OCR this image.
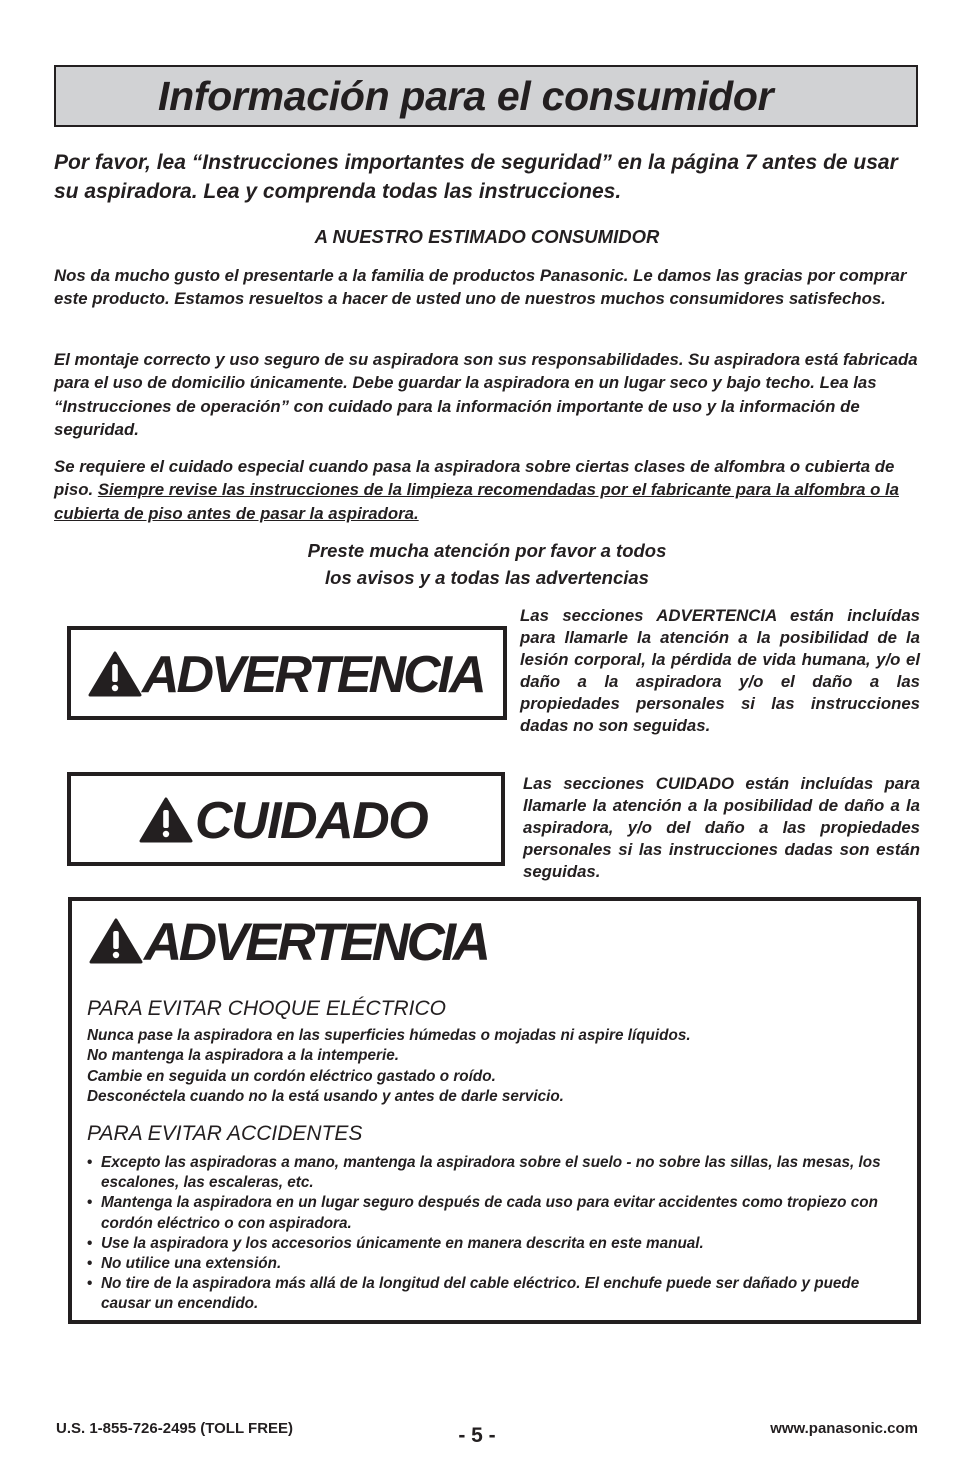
Información para el consumidor

Por favor, lea “Instrucciones importantes de seguridad” en la página 7 antes de usar su aspiradora. Lea y comprenda todas las instrucciones.

A NUESTRO ESTIMADO CONSUMIDOR

Nos da mucho gusto el presentarle a la familia de productos Panasonic. Le damos las gracias por comprar este producto. Estamos resueltos a hacer de usted uno de nuestros muchos consumidores satisfechos.

El montaje correcto y uso seguro de su aspiradora son sus responsabilidades. Su aspiradora está fabricada para el uso de domicilio únicamente. Debe guardar la aspiradora en un lugar seco y bajo techo. Lea las “Instrucciones de operación” con cuidado para la información importante de uso y la información de seguridad.

Se requiere el cuidado especial cuando pasa la aspiradora sobre ciertas clases de alfombra o cubierta de piso. Siempre revise las instrucciones de la limpieza recomendadas por el fabricante para la alfombra o la cubierta de piso antes de pasar la aspiradora.

Preste mucha atención por favor a todos
los avisos y a todas las advertencias

ADVERTENCIA

Las secciones ADVERTENCIA están incluídas para llamarle la atención a la posibilidad de la lesión corporal, la pérdida de vida humana, y/o el daño a la aspiradora y/o el daño a las propiedades personales si las instrucciones dadas no son seguidas.

CUIDADO

Las secciones CUIDADO están incluídas para llamarle la atención a la posibilidad de daño a la aspiradora, y/o del daño a las propiedades personales si las instrucciones dadas son están seguidas.

ADVERTENCIA

PARA EVITAR CHOQUE ELÉCTRICO

Nunca pase la aspiradora en las superficies húmedas o mojadas ni aspire líquidos.
No mantenga la aspiradora a la intemperie.
Cambie en seguida un cordón eléctrico gastado o roído.
Desconéctela cuando no la está usando y antes de darle servicio.

PARA EVITAR ACCIDENTES

• Excepto las aspiradoras a mano, mantenga la aspiradora sobre el suelo - no sobre las sillas, las mesas, los escalones, las escaleras, etc.
• Mantenga la aspiradora en un lugar seguro después de cada uso para evitar accidentes como tropiezo con cordón eléctrico o con aspiradora.
• Use la aspiradora y los accesorios únicamente en manera descrita en este manual.
• No utilice una extensión.
• No tire de la aspiradora más allá de la longitud del cable eléctrico. El enchufe puede ser dañado y puede causar un encendido.
U.S. 1-855-726-2495 (TOLL FREE)	- 5 -	www.panasonic.com
